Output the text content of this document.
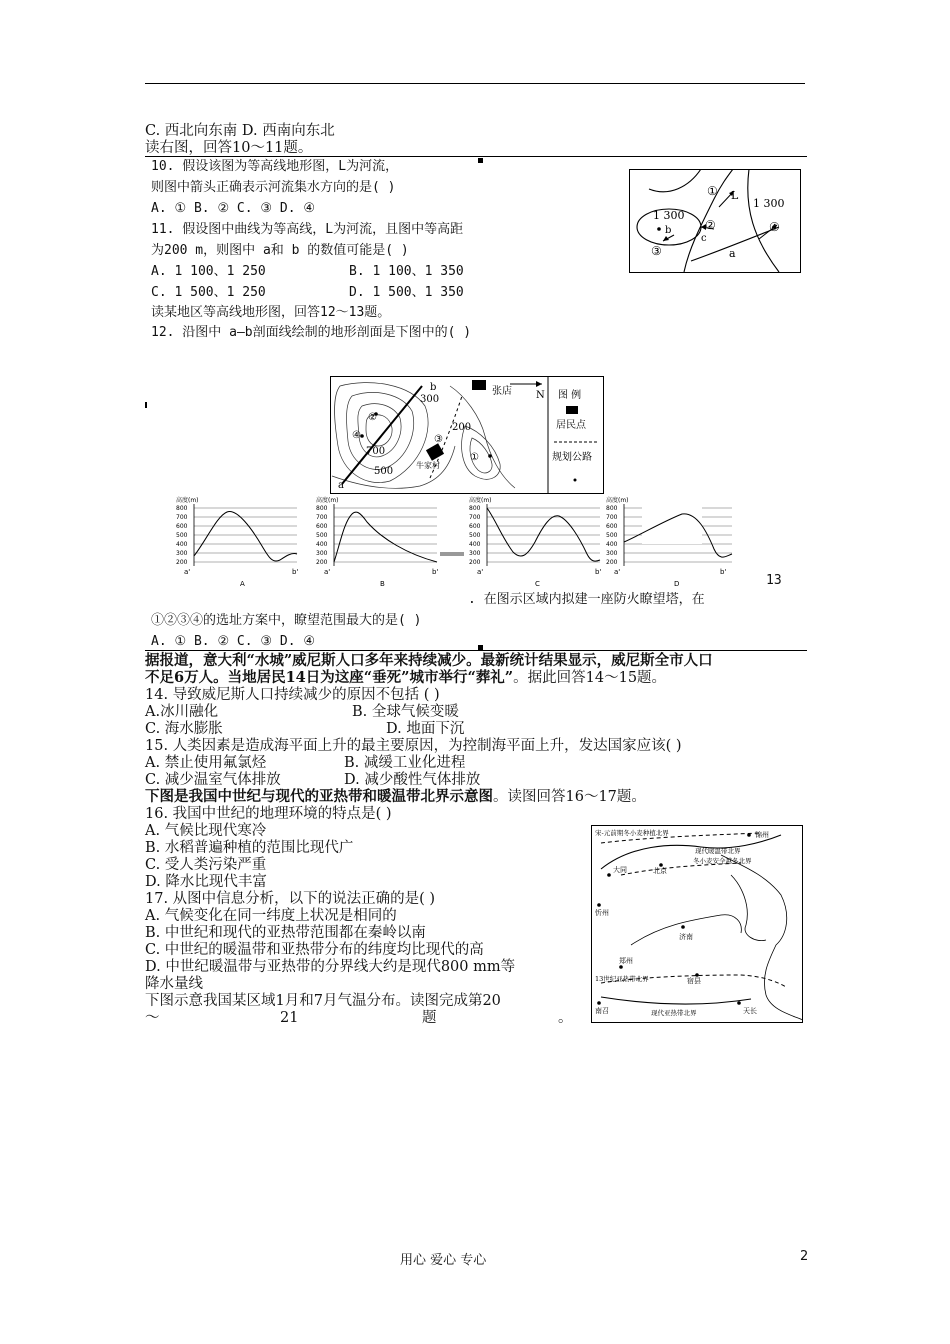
C. 西北向东南 D. 西南向东北
读右图，回答10～11题。
10. 假设该图为等高线地形图，L为河流，
则图中箭头正确表示河流集水方向的是( )
A. ① B. ② C. ③ D. ④
11. 假设图中曲线为等高线，L为河流，且图中等高距
为200 m，则图中 a和 b 的数值可能是( )
A. 1 100、1 250	B. 1 100、1 350
C. 1 500、1 250	D. 1 500、1 350
读某地区等高线地形图，回答12～13题。
12. 沿图中 a—b剖面线绘制的地形剖面是下图中的( )
①
②
③
④
L
1 300
1 300
a
b
c
b
300
张店 N
②
①
④
700
500
200
③
牛家村
a
图 例
居民点
规划公路
高度(m)
800
700
600
500
400
300
200
a'	b'
A
高度(m)
800
700
600
500
400
300
200
a'	b'
B
高度(m)
800
700
600
500
400
300
200
a'	b'
C
高度(m)
800
700
600
500
400
300
200
a'	b'
D	13
. 在图示区域内拟建一座防火瞭望塔，在
①②③④的选址方案中，瞭望范围最大的是( )
A. ① B. ② C. ③ D. ④
据报道，意大利“水城”威尼斯人口多年来持续减少。最新统计结果显示，威尼斯全市人口
不足6万人。当地居民14日为这座“垂死”城市举行“葬礼”。据此回答14～15题。
14. 导致威尼斯人口持续减少的原因不包括 ( )
A.冰川融化	B. 全球气候变暖
C. 海水膨胀	D. 地面下沉
15. 人类因素是造成海平面上升的最主要原因，为控制海平面上升，发达国家应该( )
A. 禁止使用氟氯烃	B. 减缓工业化进程
C. 减少温室气体排放	D. 减少酸性气体排放
下图是我国中世纪与现代的亚热带和暖温带北界示意图。读图回答16～17题。
16. 我国中世纪的地理环境的特点是( )
A. 气候比现代寒冷
B. 水稻普遍种植的范围比现代广
C. 受人类污染严重
D. 降水比现代丰富
17. 从图中信息分析，以下的说法正确的是( )
A. 气候变化在同一纬度上状况是相同的
B. 中世纪和现代的亚热带范围都在秦岭以南
C. 中世纪的暖温带和亚热带分布的纬度均比现代的高
D. 中世纪暖温带与亚热带的分界线大约是现代800 mm等
降水量线
下图示意我国某区域1月和7月气温分布。读图完成第20
～	21	题	。
宋-元前期冬小麦种植北界	锦州
现代暖温带北界
冬小麦安全越冬北界
大同	北京
忻州
济南
郑州
13世纪亚热带北界	宿县
南召	现代亚热带北界	天长
用心 爱心 专心	2
